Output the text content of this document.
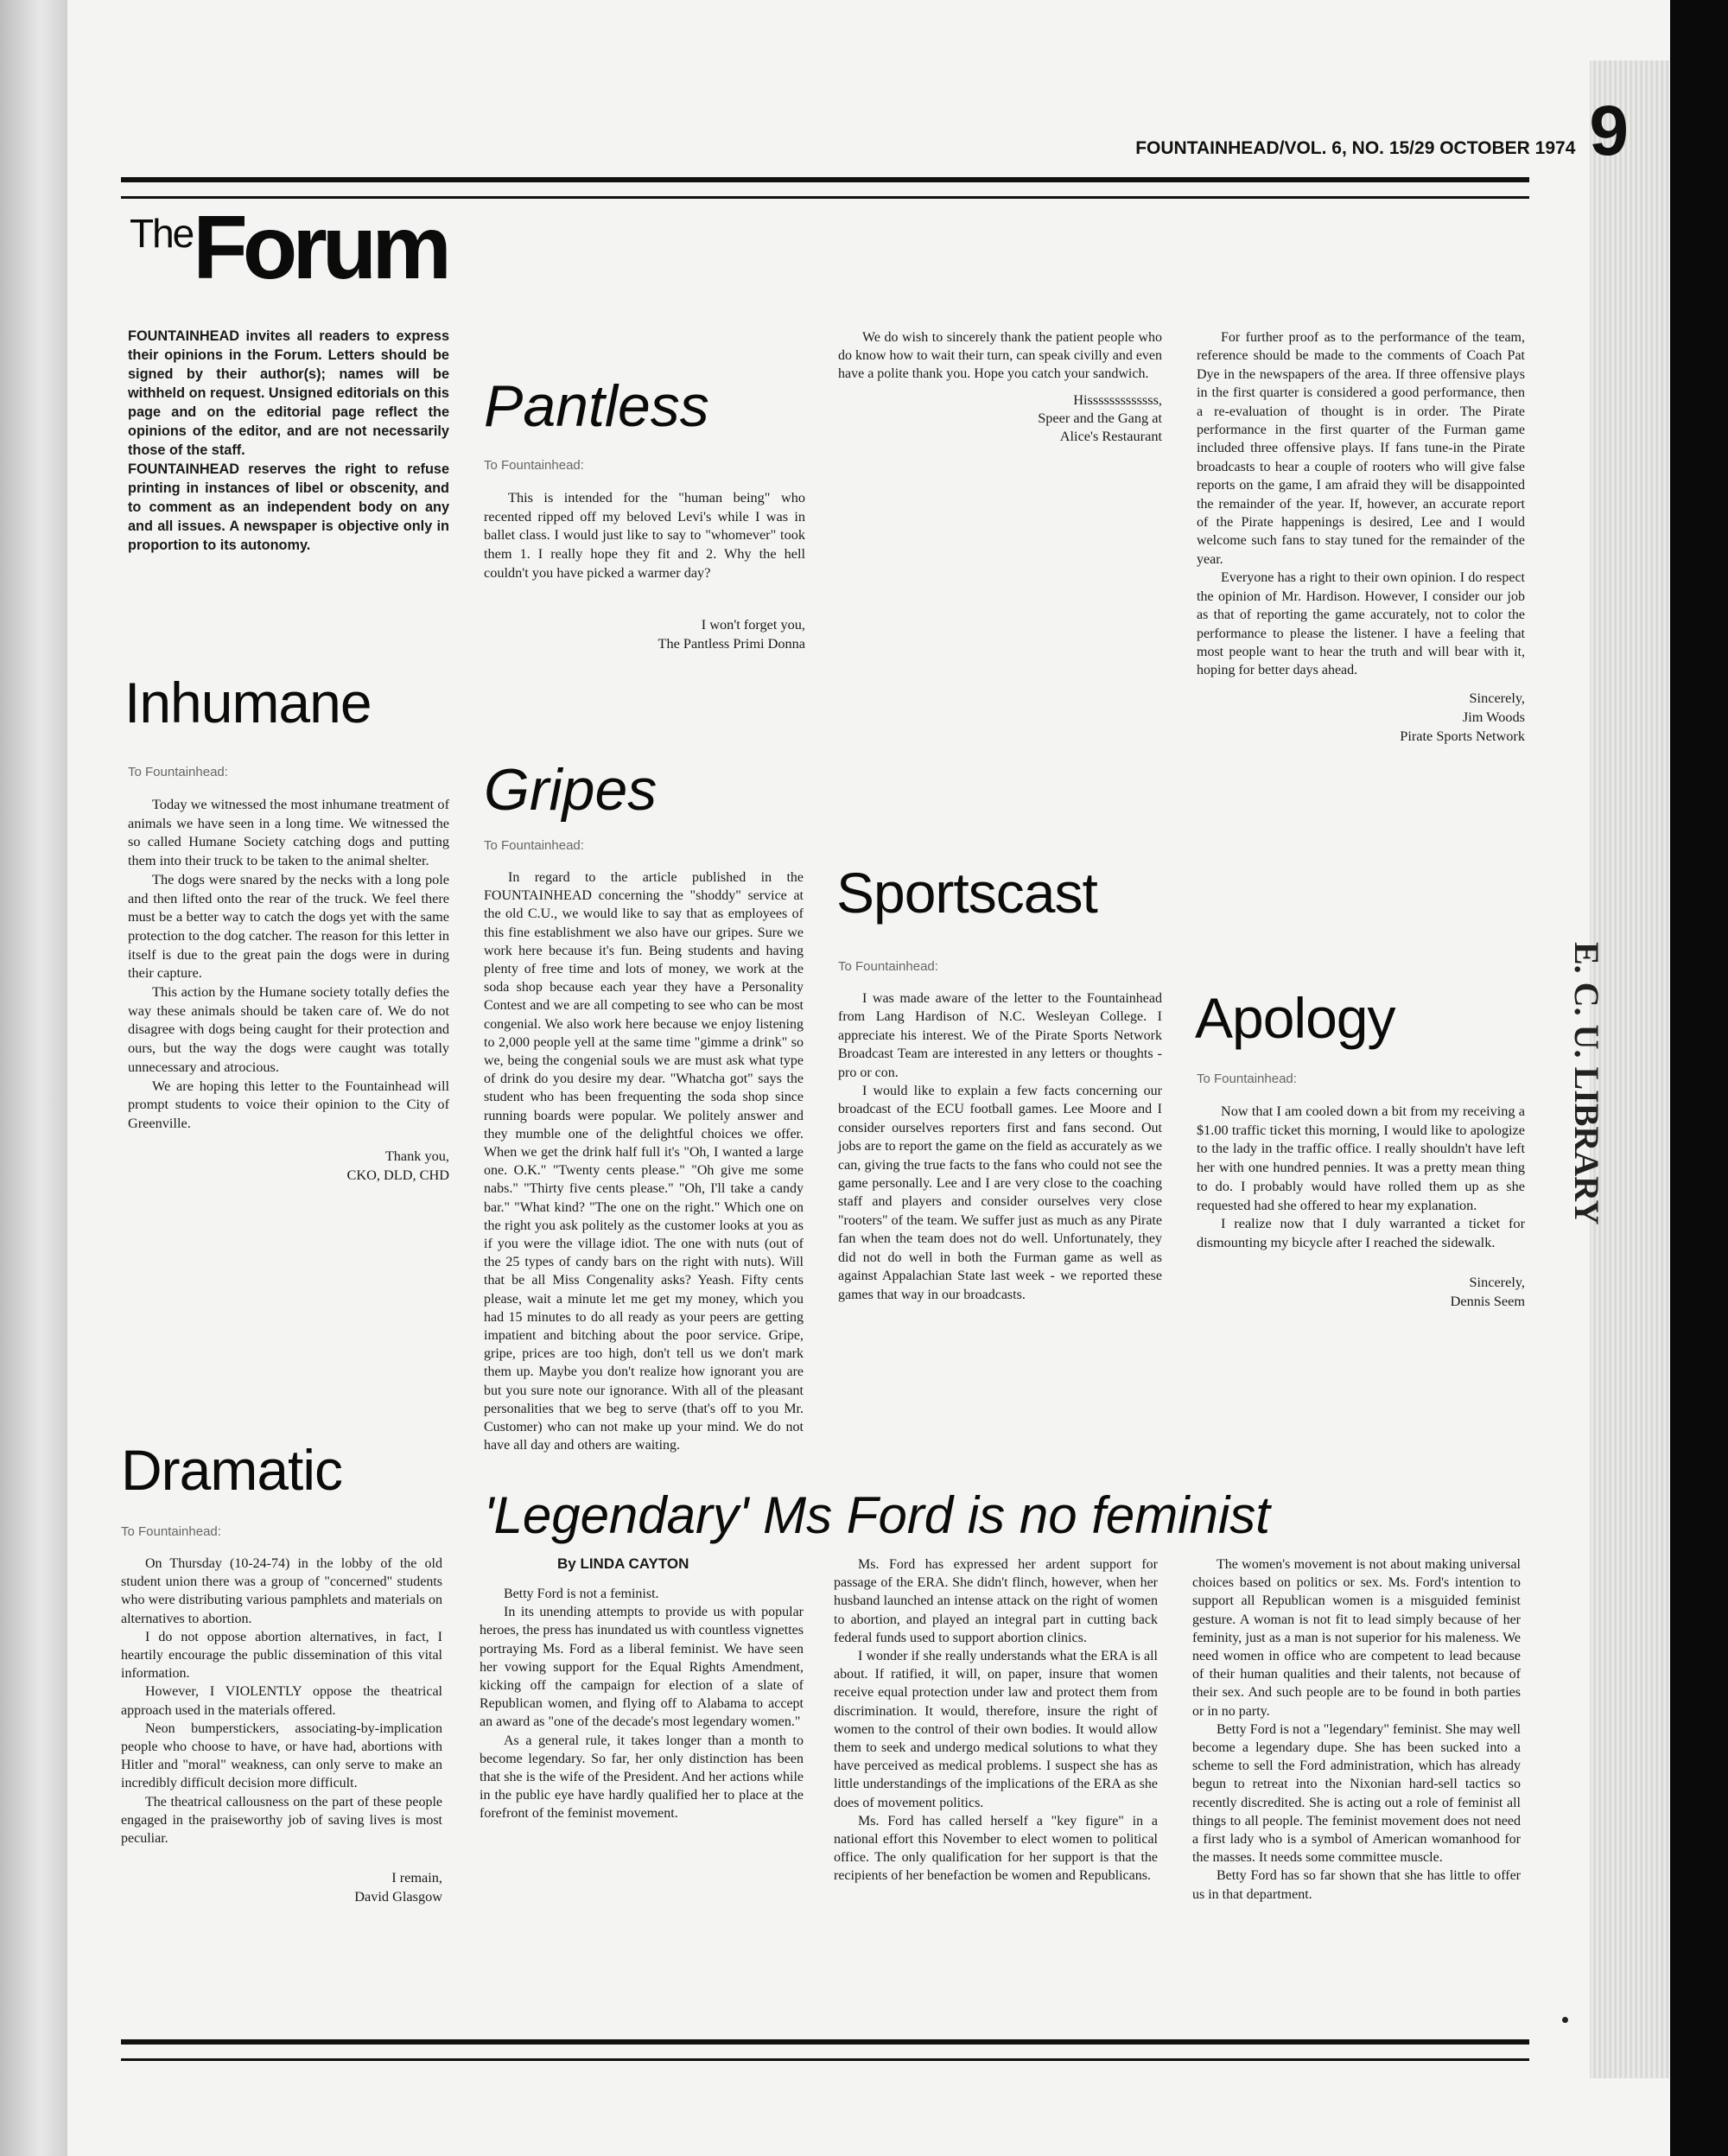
FOUNTAINHEAD/VOL. 6, NO. 15/29 OCTOBER 1974 9
The Forum

FOUNTAINHEAD invites all readers to express their opinions in the Forum. Letters should be signed by their author(s); names will be withheld on request. Unsigned editorials on this page and on the editorial page reflect the opinions of the editor, and are not necessarily those of the staff.

FOUNTAINHEAD reserves the right to refuse printing in instances of libel or obscenity, and to comment as an independent body on any and all issues. A newspaper is objective only in proportion to its autonomy.

Inhumane
To Fountainhead:

Today we witnessed the most inhumane treatment of animals we have seen in a long time. We witnessed the so called Humane Society catching dogs and putting them into their truck to be taken to the animal shelter.

The dogs were snared by the necks with a long pole and then lifted onto the rear of the truck. We feel there must be a better way to catch the dogs yet with the same protection to the dog catcher. The reason for this letter in itself is due to the great pain the dogs were in during their capture.

This action by the Humane society totally defies the way these animals should be taken care of. We do not disagree with dogs being caught for their protection and ours, but the way the dogs were caught was totally unnecessary and atrocious.

We are hoping this letter to the Fountainhead will prompt students to voice their opinion to the City of Greenville.

Thank you,
CKO, DLD, CHD
Pantless
To Fountainhead:

This is intended for the "human being" who recented ripped off my beloved Levi's while I was in ballet class. I would just like to say to "whomever" took them 1. I really hope they fit and 2. Why the hell couldn't you have picked a warmer day?

I won't forget you,
The Pantless Primi Donna
Gripes
To Fountainhead:

In regard to the article published in the FOUNTAINHEAD concerning the "shoddy" service at the old C.U., we would like to say that as employees of this fine establishment we also have our gripes. Sure we work here because it's fun. Being students and having plenty of free time and lots of money, we work at the soda shop because each year they have a Personality Contest and we are all competing to see who can be most congenial. We also work here because we enjoy listening to 2,000 people yell at the same time "gimme a drink" so we, being the congenial souls we are must ask what type of drink do you desire my dear. "Whatcha got" says the student who has been frequenting the soda shop since running boards were popular. We politely answer and they mumble one of the delightful choices we offer. When we get the drink half full it's "Oh, I wanted a large one. O.K." "Twenty cents please." "Oh give me some nabs." "Thirty five cents please." "Oh, I'll take a candy bar." "What kind? "The one on the right." Which one on the right you ask politely as the customer looks at you as if you were the village idiot. The one with nuts (out of the 25 types of candy bars on the right with nuts). Will that be all Miss Congenality asks? Yeash. Fifty cents please, wait a minute let me get my money, which you had 15 minutes to do all ready as your peers are getting impatient and bitching about the poor service. Gripe, gripe, prices are too high, don't tell us we don't mark them up. Maybe you don't realize how ignorant you are but you sure note our ignorance. With all of the pleasant personalities that we beg to serve (that's off to you Mr. Customer) who can not make up your mind. We do not have all day and others are waiting.

We do wish to sincerely thank the patient people who do know how to wait their turn, can speak civilly and even have a polite thank you. Hope you catch your sandwich.

Hisssssssssssss,
Speer and the Gang at
Alice's Restaurant
Sportscast
To Fountainhead:

I was made aware of the letter to the Fountainhead from Lang Hardison of N.C. Wesleyan College. I appreciate his interest. We of the Pirate Sports Network Broadcast Team are interested in any letters or thoughts - pro or con.

I would like to explain a few facts concerning our broadcast of the ECU football games. Lee Moore and I consider ourselves reporters first and fans second. Out jobs are to report the game on the field as accurately as we can, giving the true facts to the fans who could not see the game personally. Lee and I are very close to the coaching staff and players and consider ourselves very close "rooters" of the team. We suffer just as much as any Pirate fan when the team does not do well. Unfortunately, they did not do well in both the Furman game as well as against Appalachian State last week - we reported these games that way in our broadcasts.

For further proof as to the performance of the team, reference should be made to the comments of Coach Pat Dye in the newspapers of the area. If three offensive plays in the first quarter is considered a good performance, then a re-evaluation of thought is in order. The Pirate performance in the first quarter of the Furman game included three offensive plays. If fans tune-in the Pirate broadcasts to hear a couple of rooters who will give false reports on the game, I am afraid they will be disappointed the remainder of the year. If, however, an accurate report of the Pirate happenings is desired, Lee and I would welcome such fans to stay tuned for the remainder of the year.

Everyone has a right to their own opinion. I do respect the opinion of Mr. Hardison. However, I consider our job as that of reporting the game accurately, not to color the performance to please the listener. I have a feeling that most people want to hear the truth and will bear with it, hoping for better days ahead.

Sincerely,
Jim Woods
Pirate Sports Network
Apology
To Fountainhead:

Now that I am cooled down a bit from my receiving a $1.00 traffic ticket this morning, I would like to apologize to the lady in the traffic office. I really shouldn't have left her with one hundred pennies. It was a pretty mean thing to do. I probably would have rolled them up as she requested had she offered to hear my explanation.

I realize now that I duly warranted a ticket for dismounting my bicycle after I reached the sidewalk.

Sincerely,
Dennis Seem
Dramatic
To Fountainhead:

On Thursday (10-24-74) in the lobby of the old student union there was a group of "concerned" students who were distributing various pamphlets and materials on alternatives to abortion.

I do not oppose abortion alternatives, in fact, I heartily encourage the public dissemination of this vital information.

However, I VIOLENTLY oppose the theatrical approach used in the materials offered.

Neon bumperstickers, associating-by-implication people who choose to have, or have had, abortions with Hitler and "moral" weakness, can only serve to make an incredibly difficult decision more difficult.

The theatrical callousness on the part of these people engaged in the praiseworthy job of saving lives is most peculiar.

I remain,
David Glasgow
'Legendary' Ms Ford is no feminist
By LINDA CAYTON

Betty Ford is not a feminist.

In its unending attempts to provide us with popular heroes, the press has inundated us with countless vignettes portraying Ms. Ford as a liberal feminist. We have seen her vowing support for the Equal Rights Amendment, kicking off the campaign for election of a slate of Republican women, and flying off to Alabama to accept an award as "one of the decade's most legendary women."

As a general rule, it takes longer than a month to become legendary. So far, her only distinction has been that she is the wife of the President. And her actions while in the public eye have hardly qualified her to place at the forefront of the feminist movement.

Ms. Ford has expressed her ardent support for passage of the ERA. She didn't flinch, however, when her husband launched an intense attack on the right of women to abortion, and played an integral part in cutting back federal funds used to support abortion clinics.

I wonder if she really understands what the ERA is all about. If ratified, it will, on paper, insure that women receive equal protection under law and protect them from discrimination. It would, therefore, insure the right of women to the control of their own bodies. It would allow them to seek and undergo medical solutions to what they have perceived as medical problems. I suspect she has as little understandings of the implications of the ERA as she does of movement politics.

Ms. Ford has called herself a "key figure" in a national effort this November to elect women to political office. The only qualification for her support is that the recipients of her benefaction be women and Republicans.

The women's movement is not about making universal choices based on politics or sex. Ms. Ford's intention to support all Republican women is a misguided feminist gesture. A woman is not fit to lead simply because of her feminity, just as a man is not superior for his maleness. We need women in office who are competent to lead because of their human qualities and their talents, not because of their sex. And such people are to be found in both parties or in no party.

Betty Ford is not a "legendary" feminist. She may well become a legendary dupe. She has been sucked into a scheme to sell the Ford administration, which has already begun to retreat into the Nixonian hard-sell tactics so recently discredited. She is acting out a role of feminist all things to all people. The feminist movement does not need a first lady who is a symbol of American womanhood for the masses. It needs some committee muscle.

Betty Ford has so far shown that she has little to offer us in that department.
